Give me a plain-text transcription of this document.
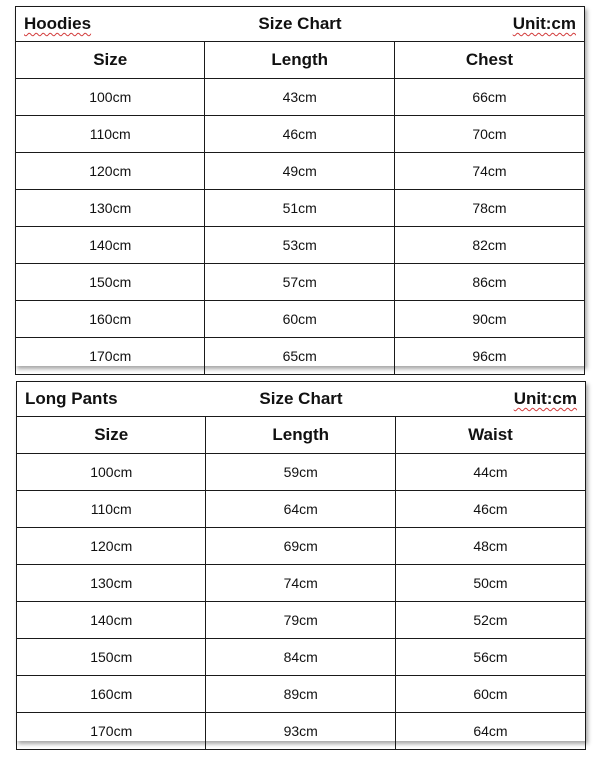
Hoodies Size Chart Unit:cm		

Size	Length	Chest
100cm	43cm	66cm
110cm	46cm	70cm
120cm	49cm	74cm
130cm	51cm	78cm
140cm	53cm	82cm
150cm	57cm	86cm
160cm	60cm	90cm
170cm	65cm	96cm
Long Pants Size Chart Unit:cm		

Size	Length	Waist
100cm	59cm	44cm
110cm	64cm	46cm
120cm	69cm	48cm
130cm	74cm	50cm
140cm	79cm	52cm
150cm	84cm	56cm
160cm	89cm	60cm
170cm	93cm	64cm
